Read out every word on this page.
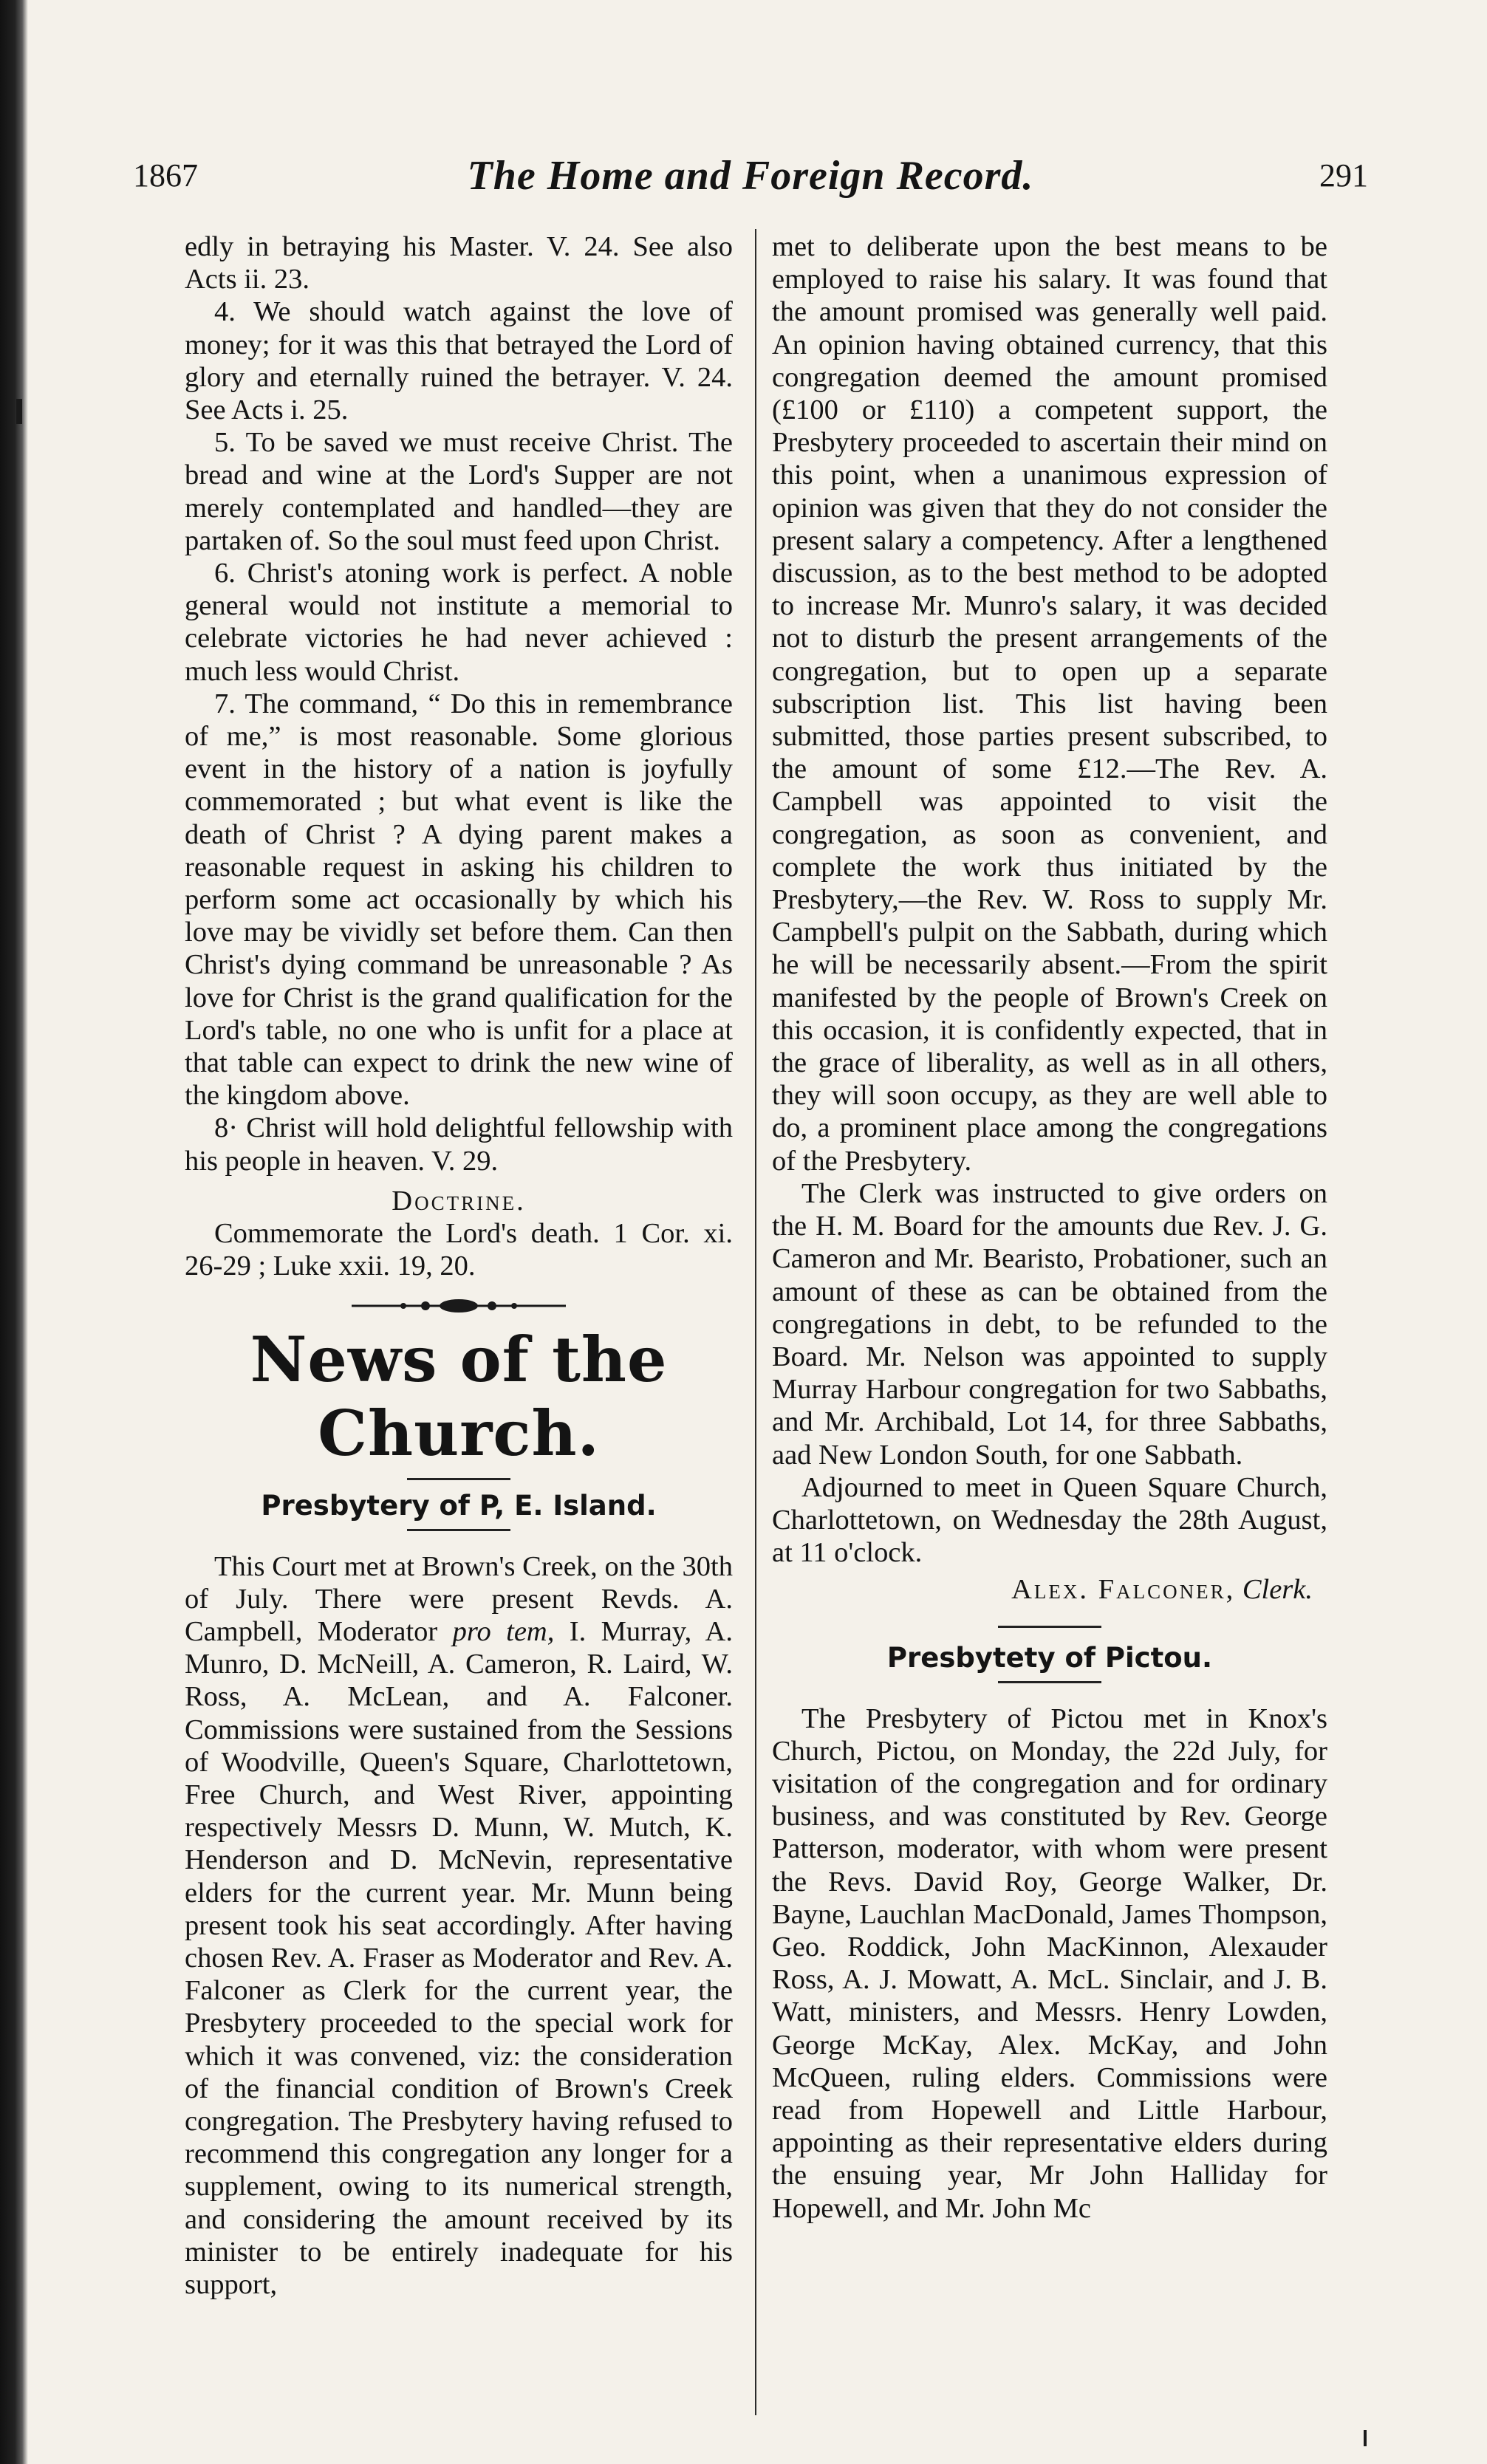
1867	The Home and Foreign Record.	291

edly in betraying his Master. V. 24. See also Acts ii. 23.

4. We should watch against the love of money; for it was this that betrayed the Lord of glory and eternally ruined the betrayer. V. 24. See Acts i. 25.

5. To be saved we must receive Christ. The bread and wine at the Lord's Supper are not merely contemplated and handled—they are partaken of. So the soul must feed upon Christ.

6. Christ's atoning work is perfect. A noble general would not institute a memorial to celebrate victories he had never achieved : much less would Christ.

7. The command, “ Do this in remembrance of me,” is most reasonable. Some glorious event in the history of a nation is joyfully commemorated ; but what event is like the death of Christ ? A dying parent makes a reasonable request in asking his children to perform some act occasionally by which his love may be vividly set before them. Can then Christ's dying command be unreasonable ? As love for Christ is the grand qualification for the Lord's table, no one who is unfit for a place at that table can expect to drink the new wine of the kingdom above.

8· Christ will hold delightful fellowship with his people in heaven. V. 29.

Doctrine.

Commemorate the Lord's death. 1 Cor. xi. 26-29 ; Luke xxii. 19, 20.

News of the Church.
Presbytery of P, E. Island.

This Court met at Brown's Creek, on the 30th of July. There were present Revds. A. Campbell, Moderator pro tem, I. Murray, A. Munro, D. McNeill, A. Cameron, R. Laird, W. Ross, A. McLean, and A. Falconer. Commissions were sustained from the Sessions of Woodville, Queen's Square, Charlottetown, Free Church, and West River, appointing respectively Messrs D. Munn, W. Mutch, K. Henderson and D. McNevin, representative elders for the current year. Mr. Munn being present took his seat accordingly. After having chosen Rev. A. Fraser as Moderator and Rev. A. Falconer as Clerk for the current year, the Presbytery proceeded to the special work for which it was convened, viz: the consideration of the financial condition of Brown's Creek congregation. The Presbytery having refused to recommend this congregation any longer for a supplement, owing to its numerical strength, and considering the amount received by its minister to be entirely inadequate for his support,

met to deliberate upon the best means to be employed to raise his salary. It was found that the amount promised was generally well paid. An opinion having obtained currency, that this congregation deemed the amount promised (£100 or £110) a competent support, the Presbytery proceeded to ascertain their mind on this point, when a unanimous expression of opinion was given that they do not consider the present salary a competency. After a lengthened discussion, as to the best method to be adopted to increase Mr. Munro's salary, it was decided not to disturb the present arrangements of the congregation, but to open up a separate subscription list. This list having been submitted, those parties present subscribed, to the amount of some £12.—The Rev. A. Campbell was appointed to visit the congregation, as soon as convenient, and complete the work thus initiated by the Presbytery,—the Rev. W. Ross to supply Mr. Campbell's pulpit on the Sabbath, during which he will be necessarily absent.—From the spirit manifested by the people of Brown's Creek on this occasion, it is confidently expected, that in the grace of liberality, as well as in all others, they will soon occupy, as they are well able to do, a prominent place among the congregations of the Presbytery.

The Clerk was instructed to give orders on the H. M. Board for the amounts due Rev. J. G. Cameron and Mr. Bearisto, Probationer, such an amount of these as can be obtained from the congregations in debt, to be refunded to the Board. Mr. Nelson was appointed to supply Murray Harbour congregation for two Sabbaths, and Mr. Archibald, Lot 14, for three Sabbaths, aad New London South, for one Sabbath.

Adjourned to meet in Queen Square Church, Charlottetown, on Wednesday the 28th August, at 11 o'clock.

Alex. Falconer, Clerk.
Presbytety of Pictou.

The Presbytery of Pictou met in Knox's Church, Pictou, on Monday, the 22d July, for visitation of the congregation and for ordinary business, and was constituted by Rev. George Patterson, moderator, with whom were present the Revs. David Roy, George Walker, Dr. Bayne, Lauchlan MacDonald, James Thompson, Geo. Roddick, John MacKinnon, Alexauder Ross, A. J. Mowatt, A. McL. Sinclair, and J. B. Watt, ministers, and Messrs. Henry Lowden, George McKay, Alex. McKay, and John McQueen, ruling elders. Commissions were read from Hopewell and Little Harbour, appointing as their representative elders during the ensuing year, Mr John Halliday for Hopewell, and Mr. John Mc
